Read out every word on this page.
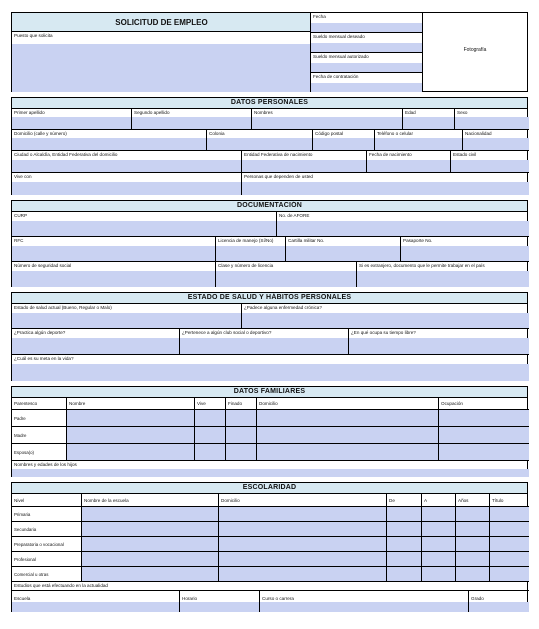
SOLICITUD DE EMPLEO
Puesto que solicita
Fecha
Sueldo mensual deseado
Sueldo mensual autorizado
Fecha de contratación
Fotografía
DATOS PERSONALES
Primer apellido	Segundo apellido	Nombres	Edad	Sexo
Domicilio (calle y número)	Colonia	Código postal	Teléfono o celular	Nacionalidad
Ciudad o Alcaldía, Entidad Federativa del domicilio	Entidad Federativa de nacimiento	Fecha de nacimiento	Estado civil
Vive con	Personas que dependen de usted
DOCUMENTACIÓN
CURP	No. de AFORE
RFC	Licencia de manejo (Sí/No)	Cartilla militar No.	Pasaporte No.
Número de seguridad social	Clase y número de licencia	Si es extranjero, documento que le permite trabajar en el país
ESTADO DE SALUD Y HÁBITOS PERSONALES
Estado de salud actual (Bueno, Regular o Malo)	¿Padece alguna enfermedad crónica?
¿Practica algún deporte?	¿Pertenece a algún club social o deportivo?	¿En qué ocupa su tiempo libre?
¿Cuál es su meta en la vida?
DATOS FAMILIARES
Parentesco	Nombre	Vive	Finado	Domicilio	Ocupación
Padre
Madre
Esposa(o)
Nombres y edades de los hijos
ESCOLARIDAD
Nivel	Nombre de la escuela	Domicilio	De	A	Años	Título
Primaria
Secundaria
Preparatoria o vocacional
Profesional
Comercial u otras
Estudios que está efectuando en la actualidad
Escuela	Horario	Curso o carrera	Grado
